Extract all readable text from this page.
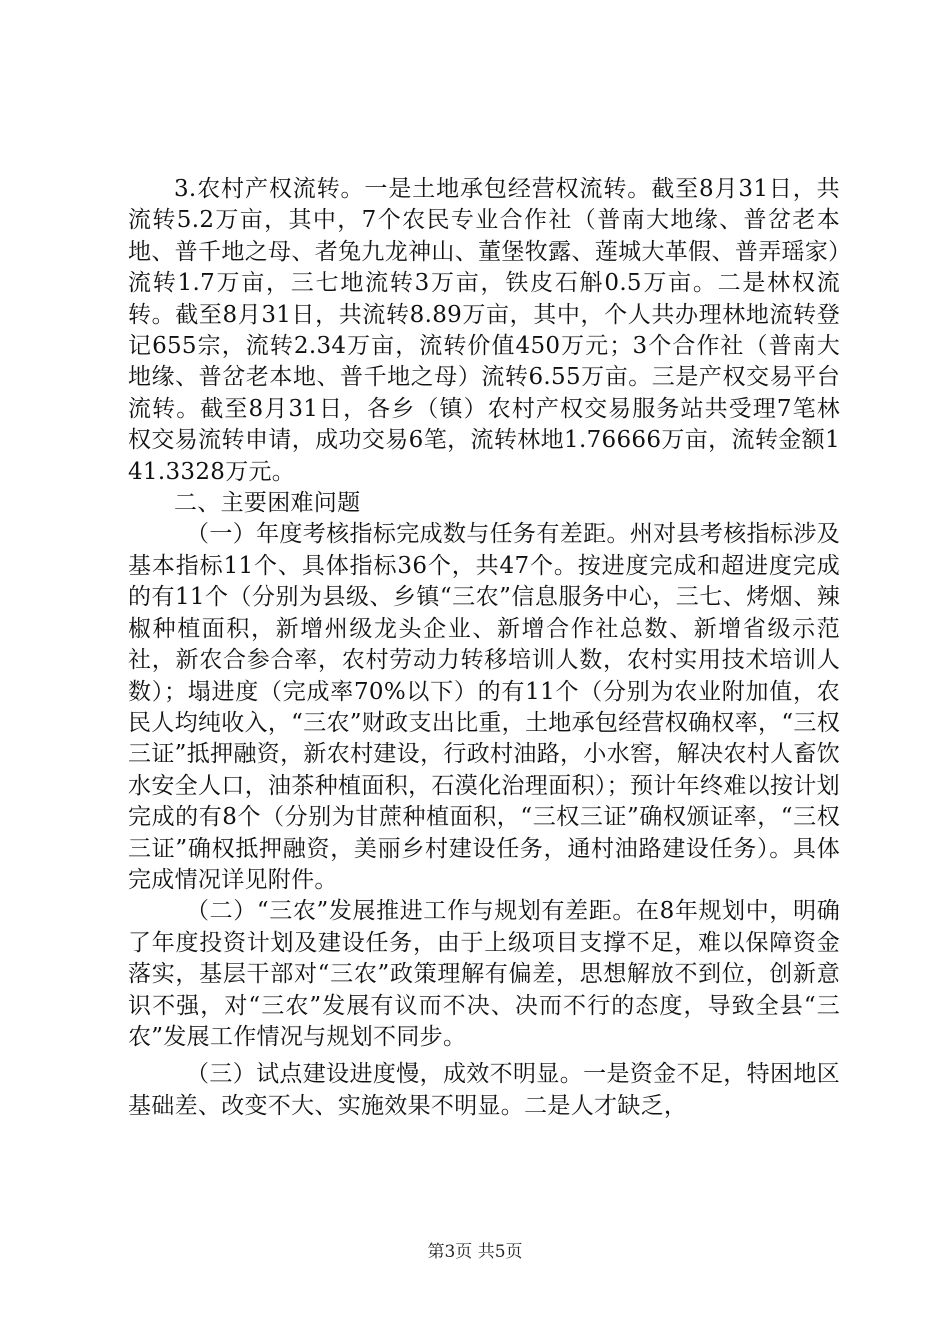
3.农村产权流转。一是土地承包经营权流转。截至8月31日，共流转5.2万亩，其中，7个农民专业合作社（普南大地缘、普岔老本地、普千地之母、者兔九龙神山、董堡牧露、莲城大革假、普弄瑶家）流转1.7万亩，三七地流转3万亩，铁皮石斛0.5万亩。二是林权流转。截至8月31日，共流转8.89万亩，其中，个人共办理林地流转登记655宗，流转2.34万亩，流转价值450万元；3个合作社（普南大地缘、普岔老本地、普千地之母）流转6.55万亩。三是产权交易平台流转。截至8月31日，各乡（镇）农村产权交易服务站共受理7笔林权交易流转申请，成功交易6笔，流转林地1.76666万亩，流转金额141.3328万元。

二、主要困难问题

（一）年度考核指标完成数与任务有差距。州对县考核指标涉及基本指标11个、具体指标36个，共47个。按进度完成和超进度完成的有11个（分别为县级、乡镇“三农”信息服务中心，三七、烤烟、辣椒种植面积，新增州级龙头企业、新增合作社总数、新增省级示范社，新农合参合率，农村劳动力转移培训人数，农村实用技术培训人数）；塌进度（完成率70%以下）的有11个（分别为农业附加值，农民人均纯收入，“三农”财政支出比重，土地承包经营权确权率，“三权三证”抵押融资，新农村建设，行政村油路，小水窖，解决农村人畜饮水安全人口，油茶种植面积，石漠化治理面积）；预计年终难以按计划完成的有8个（分别为甘蔗种植面积，“三权三证”确权颁证率，“三权三证”确权抵押融资，美丽乡村建设任务，通村油路建设任务）。具体完成情况详见附件。

（二）“三农”发展推进工作与规划有差距。在8年规划中，明确了年度投资计划及建设任务，由于上级项目支撑不足，难以保障资金落实，基层干部对“三农”政策理解有偏差，思想解放不到位，创新意识不强，对“三农”发展有议而不决、决而不行的态度，导致全县“三农”发展工作情况与规划不同步。

（三）试点建设进度慢，成效不明显。一是资金不足，特困地区基础差、改变不大、实施效果不明显。二是人才缺乏，

第3页 共5页
